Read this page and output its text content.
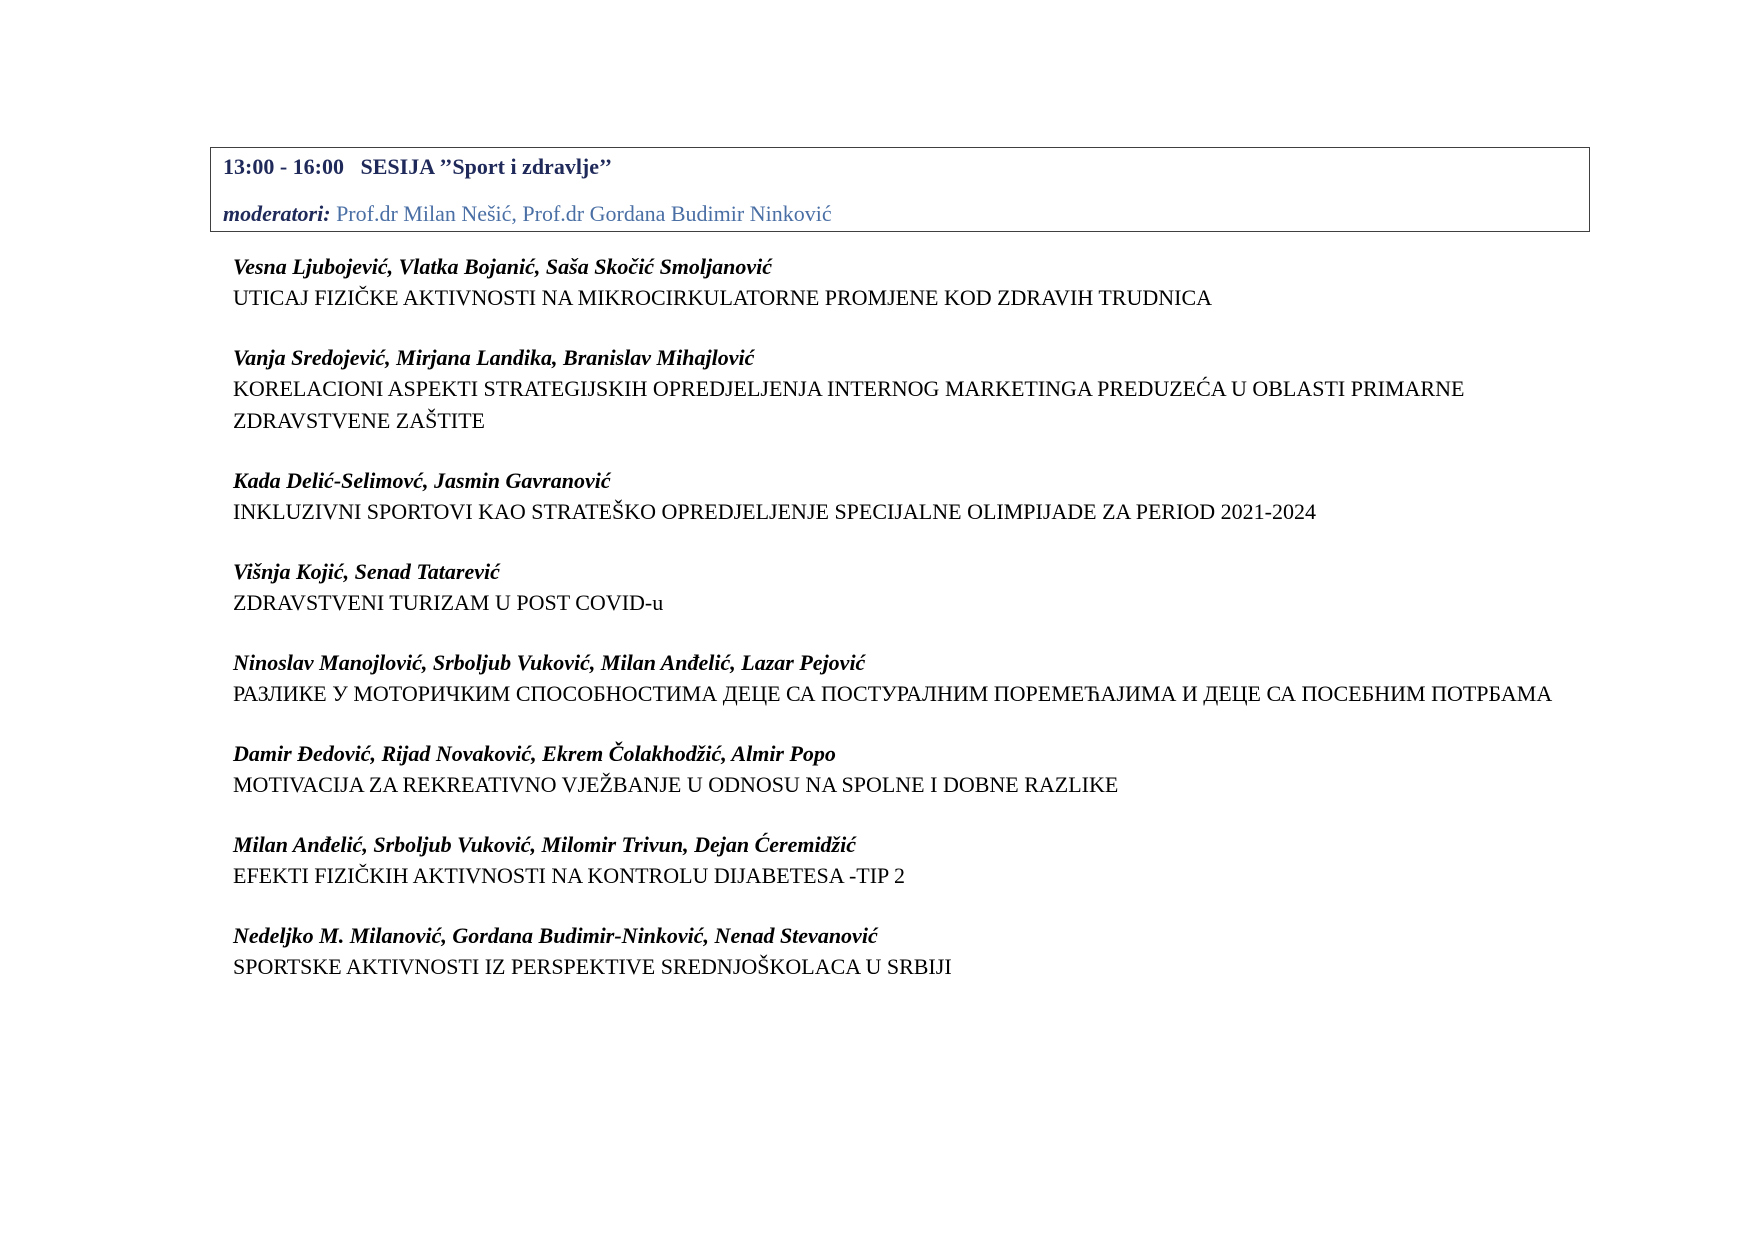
13:00 - 16:00 SESIJA ’’Sport i zdravlje’’
moderatori: Prof.dr Milan Nešić, Prof.dr Gordana Budimir Ninković
Vesna Ljubojević, Vlatka Bojanić, Saša Skočić Smoljanović
UTICAJ FIZIČKE AKTIVNOSTI NA MIKROCIRKULATORNE PROMJENE KOD ZDRAVIH TRUDNICA
Vanja Sredojević, Mirjana Landika, Branislav Mihajlović
KORELACIONI ASPEKTI STRATEGIJSKIH OPREDJELJENJA INTERNOG MARKETINGA PREDUZEĆA U OBLASTI PRIMARNE ZDRAVSTVENE ZAŠTITE
Kada Delić-Selimovć, Jasmin Gavranović
INKLUZIVNI SPORTOVI KAO STRATEŠKO OPREDJELJENJE SPECIJALNE OLIMPIJADE ZA PERIOD 2021-2024
Višnja Kojić, Senad Tatarević
ZDRAVSTVENI TURIZAM U POST COVID-u
Ninoslav Manojlović, Srboljub Vuković, Milan Anđelić, Lazar Pejović
РАЗЛИКЕ У МОТОРИЧКИМ СПОСОБНОСТИМА ДЕЦЕ СА ПОСТУРАЛНИМ ПОРЕМЕЋАЈИМА И ДЕЦЕ СА ПОСЕБНИМ ПОТРБАМА
Damir Đedović, Rijad Novaković, Ekrem Čolakhodžić, Almir Popo
MOTIVACIJA ZA REKREATIVNO VJEŽBANJE U ODNOSU NA SPOLNE I DOBNE RAZLIKE
Milan Anđelić, Srboljub Vuković, Milomir Trivun, Dejan Ćeremidžić
EFEKTI FIZIČKIH AKTIVNOSTI NA KONTROLU DIJABETESA -TIP 2
Nedeljko M. Milanović, Gordana Budimir-Ninković, Nenad Stevanović
SPORTSKE AKTIVNOSTI IZ PERSPEKTIVE SREDNJOŠKOLACA U SRBIJI
